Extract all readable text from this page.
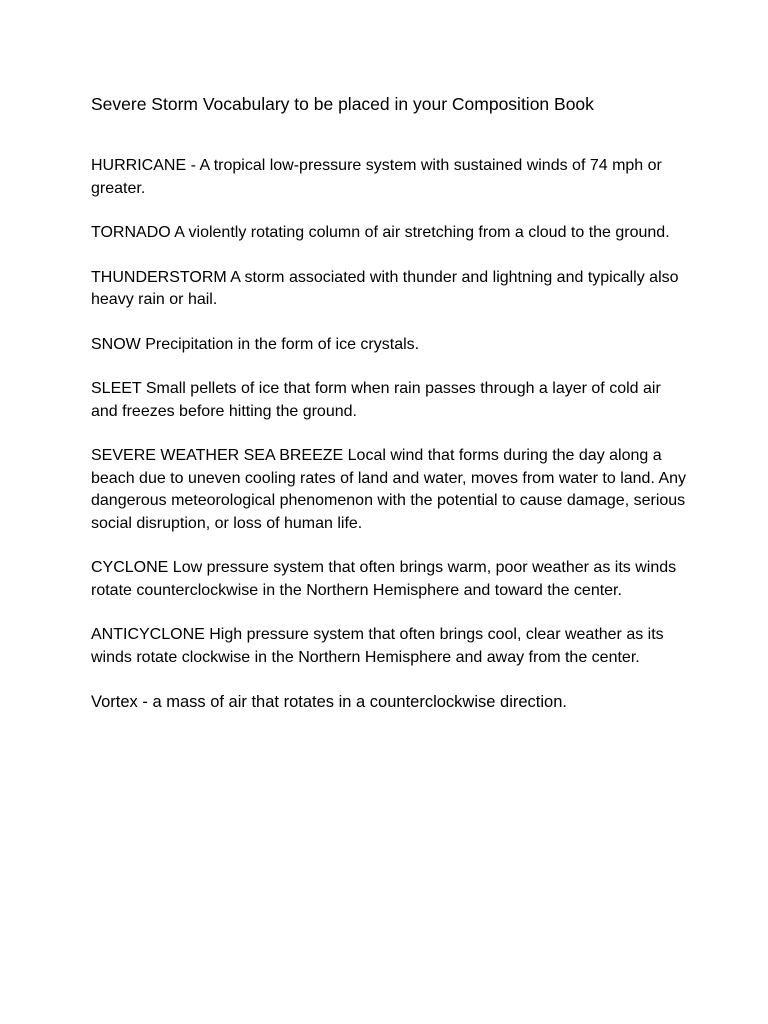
Severe Storm Vocabulary to be placed in your Composition Book

HURRICANE - A tropical low-pressure system with sustained winds of 74 mph or greater.

TORNADO A violently rotating column of air stretching from a cloud to the ground.

THUNDERSTORM A storm associated with thunder and lightning and typically also heavy rain or hail.

SNOW Precipitation in the form of ice crystals.

SLEET Small pellets of ice that form when rain passes through a layer of cold air and freezes before hitting the ground.

SEVERE WEATHER SEA BREEZE Local wind that forms during the day along a beach due to uneven cooling rates of land and water, moves from water to land. Any dangerous meteorological phenomenon with the potential to cause damage, serious social disruption, or loss of human life.

CYCLONE Low pressure system that often brings warm, poor weather as its winds rotate counterclockwise in the Northern Hemisphere and toward the center.

ANTICYCLONE High pressure system that often brings cool, clear weather as its winds rotate clockwise in the Northern Hemisphere and away from the center.

Vortex - a mass of air that rotates in a counterclockwise direction.
